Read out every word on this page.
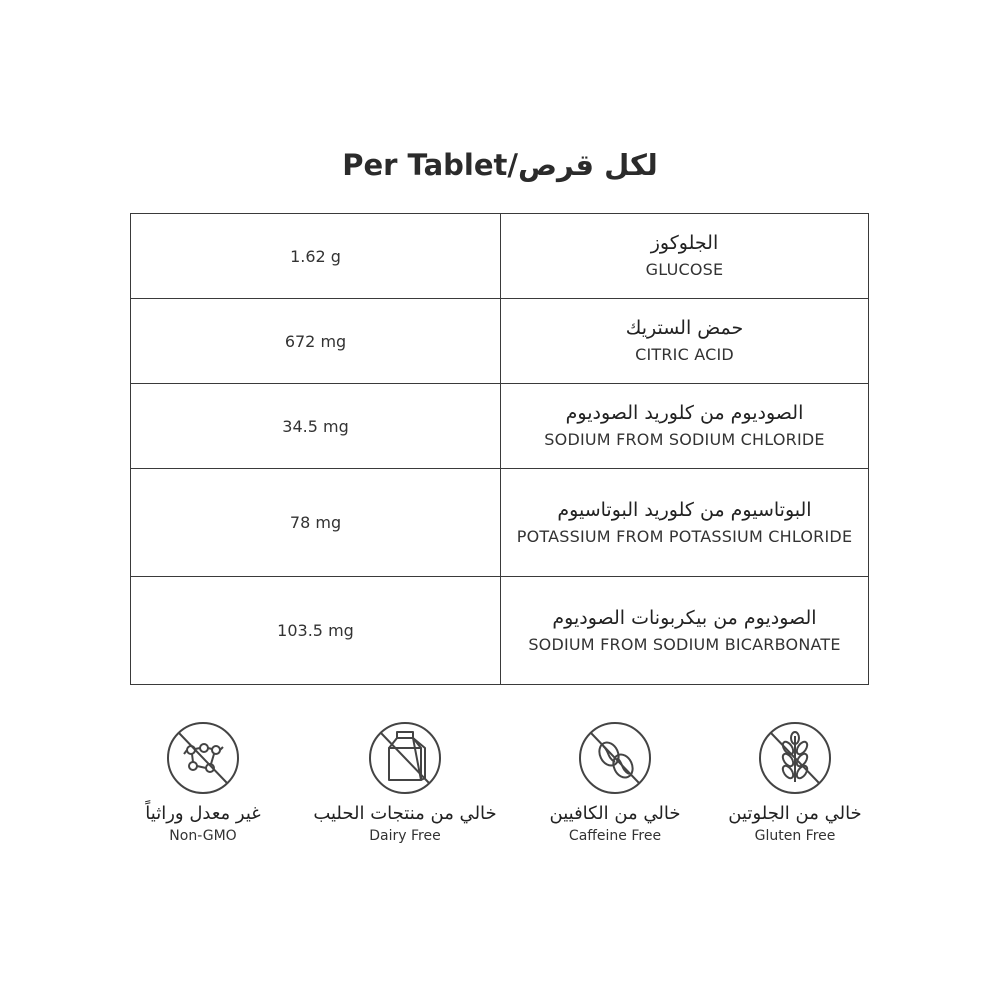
Per Tablet/لكل قرص
1.62 g	الجلوكوز
GLUCOSE

672 mg	حمض الستريك
CITRIC ACID

34.5 mg	الصوديوم من كلوريد الصوديوم
SODIUM FROM SODIUM CHLORIDE

78 mg	البوتاسيوم من كلوريد البوتاسيوم
POTASSIUM FROM POTASSIUM CHLORIDE

103.5 mg	الصوديوم من بيكربونات الصوديوم
SODIUM FROM SODIUM BICARBONATE
غير معدل وراثياً
Non-GMO
خالي من منتجات الحليب
Dairy Free
خالي من الكافيين
Caffeine Free
خالي من الجلوتين
Gluten Free
